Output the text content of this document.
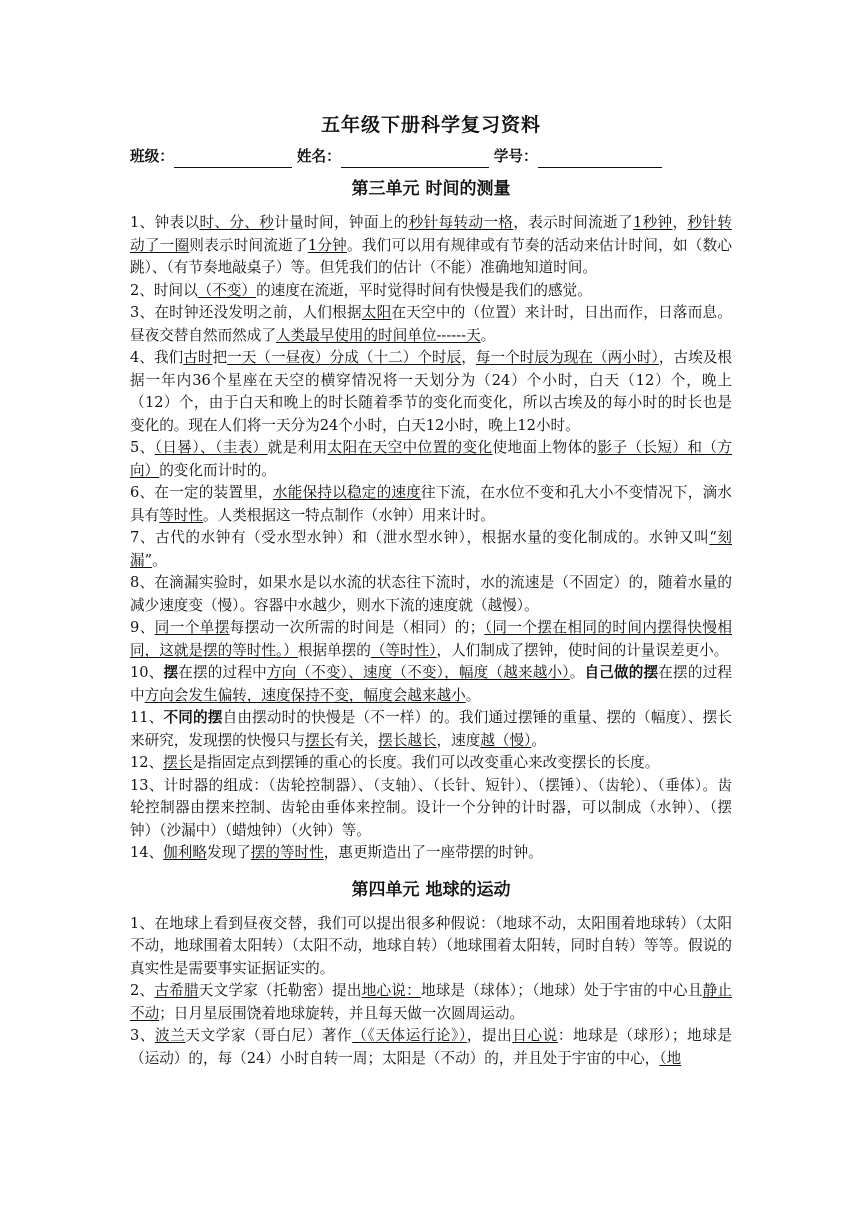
五年级下册科学复习资料
班级：	姓名：	学号：
第三单元 时间的测量

1、钟表以时、分、秒计量时间，钟面上的秒针每转动一格，表示时间流逝了1秒钟，秒针转动了一圈则表示时间流逝了1分钟。我们可以用有规律或有节奏的活动来估计时间，如（数心跳）、（有节奏地敲桌子）等。但凭我们的估计（不能）准确地知道时间。

2、时间以（不变）的速度在流逝，平时觉得时间有快慢是我们的感觉。

3、在时钟还没发明之前，人们根据太阳在天空中的（位置）来计时，日出而作，日落而息。昼夜交替自然而然成了人类最早使用的时间单位------天。

4、我们古时把一天（一昼夜）分成（十二）个时辰，每一个时辰为现在（两小时），古埃及根据一年内36个星座在天空的横穿情况将一天划分为（24）个小时，白天（12）个，晚上（12）个，由于白天和晚上的时长随着季节的变化而变化，所以古埃及的每小时的时长也是变化的。现在人们将一天分为24个小时，白天12小时，晚上12小时。

5、（日晷）、（圭表）就是利用太阳在天空中位置的变化使地面上物体的影子（长短）和（方向）的变化而计时的。

6、在一定的装置里，水能保持以稳定的速度往下流，在水位不变和孔大小不变情况下，滴水具有等时性。人类根据这一特点制作（水钟）用来计时。

7、古代的水钟有（受水型水钟）和（泄水型水钟），根据水量的变化制成的。水钟又叫“刻漏”。

8、在滴漏实验时，如果水是以水流的状态往下流时，水的流速是（不固定）的，随着水量的减少速度变（慢）。容器中水越少，则水下流的速度就（越慢）。

9、同一个单摆每摆动一次所需的时间是（相同）的；（同一个摆在相同的时间内摆得快慢相同，这就是摆的等时性。）根据单摆的（等时性），人们制成了摆钟，使时间的计量误差更小。

10、摆在摆的过程中方向（不变）、速度（不变），幅度（越来越小）。自己做的摆在摆的过程中方向会发生偏转，速度保持不变，幅度会越来越小。

11、不同的摆自由摆动时的快慢是（不一样）的。我们通过摆锤的重量、摆的（幅度）、摆长来研究，发现摆的快慢只与摆长有关，摆长越长，速度越（慢）。

12、摆长是指固定点到摆锤的重心的长度。我们可以改变重心来改变摆长的长度。

13、计时器的组成：（齿轮控制器）、（支轴）、（长针、短针）、（摆锤）、（齿轮）、（垂体）。齿轮控制器由摆来控制、齿轮由垂体来控制。设计一个分钟的计时器，可以制成（水钟）、（摆钟）（沙漏中）（蜡烛钟）（火钟）等。

14、伽利略发现了摆的等时性，惠更斯造出了一座带摆的时钟。

第四单元 地球的运动

1、在地球上看到昼夜交替，我们可以提出很多种假说：（地球不动，太阳围着地球转）（太阳不动，地球围着太阳转）（太阳不动，地球自转）（地球围着太阳转，同时自转）等等。假说的真实性是需要事实证据证实的。

2、古希腊天文学家（托勒密）提出地心说：地球是（球体）；（地球）处于宇宙的中心且静止不动；日月星辰围饶着地球旋转，并且每天做一次圆周运动。

3、波兰天文学家（哥白尼）著作（《天体运行论》），提出日心说：地球是（球形）；地球是（运动）的，每（24）小时自转一周；太阳是（不动）的，并且处于宇宙的中心，（地
